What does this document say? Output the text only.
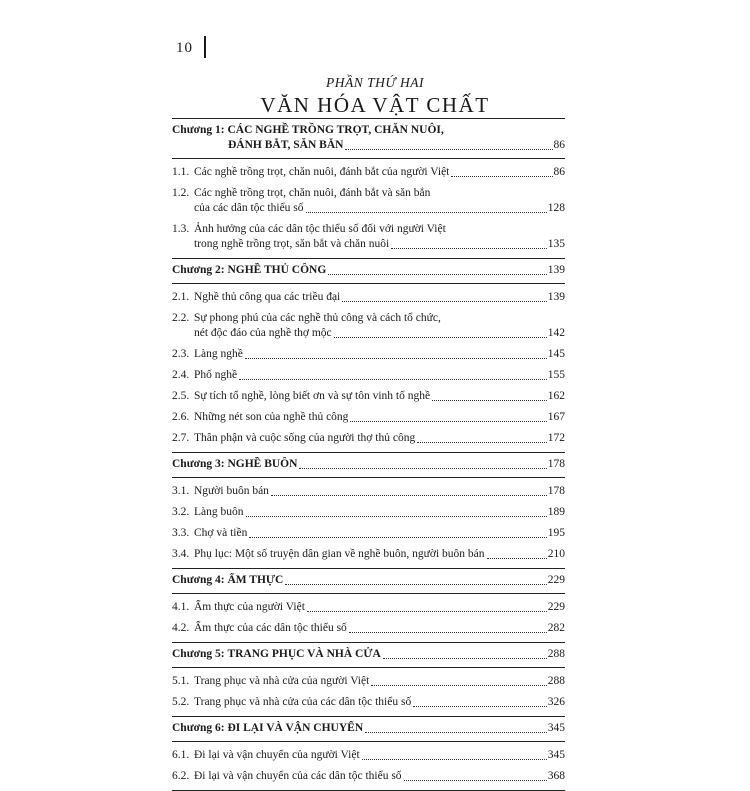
10
PHẦN THỨ HAI
VĂN HÓA VẬT CHẤT
Chương 1: CÁC NGHỀ TRỒNG TRỌT, CHĂN NUÔI,
ĐÁNH BẮT, SĂN BẮN	86
1.1. Các nghề trồng trọt, chăn nuôi, đánh bắt của người Việt	86
1.2. Các nghề trồng trọt, chăn nuôi, đánh bắt và săn bắn
của các dân tộc thiểu số	128
1.3. Ảnh hưởng của các dân tộc thiểu số đối với người Việt
trong nghề trồng trọt, săn bắt và chăn nuôi	135
Chương 2: NGHỀ THỦ CÔNG	139
2.1. Nghề thủ công qua các triều đại	139
2.2. Sự phong phú của các nghề thủ công và cách tổ chức,
nét độc đáo của nghề thợ mộc	142
2.3. Làng nghề	145
2.4. Phố nghề	155
2.5. Sự tích tổ nghề, lòng biết ơn và sự tôn vinh tổ nghề	162
2.6. Những nét son của nghề thủ công	167
2.7. Thân phận và cuộc sống của người thợ thủ công	172
Chương 3: NGHỀ BUÔN	178
3.1. Người buôn bán	178
3.2. Làng buôn	189
3.3. Chợ và tiền	195
3.4. Phụ lục: Một số truyện dân gian về nghề buôn, người buôn bán	210
Chương 4: ẨM THỰC	229
4.1. Ẩm thực của người Việt	229
4.2. Ẩm thực của các dân tộc thiểu số	282
Chương 5: TRANG PHỤC VÀ NHÀ CỬA	288
5.1. Trang phục và nhà cửa của người Việt	288
5.2. Trang phục và nhà cửa của các dân tộc thiểu số	326
Chương 6: ĐI LẠI VÀ VẬN CHUYỂN	345
6.1. Đi lại và vận chuyển của người Việt	345
6.2. Đi lại và vận chuyển của các dân tộc thiểu số	368
